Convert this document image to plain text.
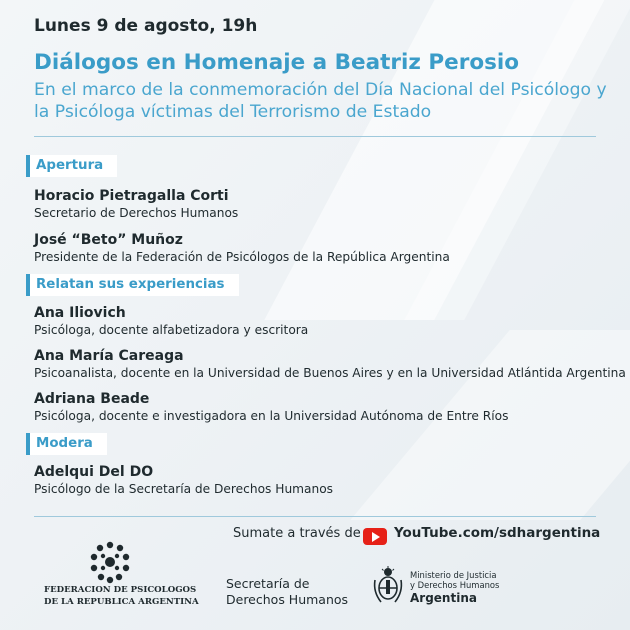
Lunes 9 de agosto, 19h
Diálogos en Homenaje a Beatriz Perosio
En el marco de la conmemoración del Día Nacional del Psicólogo y la Psicóloga víctimas del Terrorismo de Estado
Apertura
Horacio Pietragalla Corti
Secretario de Derechos Humanos
José “Beto” Muñoz
Presidente de la Federación de Psicólogos de la República Argentina
Relatan sus experiencias
Ana Iliovich
Psicóloga, docente alfabetizadora y escritora
Ana María Careaga
Psicoanalista, docente en la Universidad de Buenos Aires y en la Universidad Atlántida Argentina
Adriana Beade
Psicóloga, docente e investigadora en la Universidad Autónoma de Entre Ríos
Modera
Adelqui Del DO
Psicólogo de la Secretaría de Derechos Humanos
Sumate a través de YouTube.com/sdhargentina
FEDERACION DE PSICOLOGOS
DE LA REPUBLICA ARGENTINA
Secretaría de
Derechos Humanos
Ministerio de Justicia
y Derechos Humanos
Argentina
